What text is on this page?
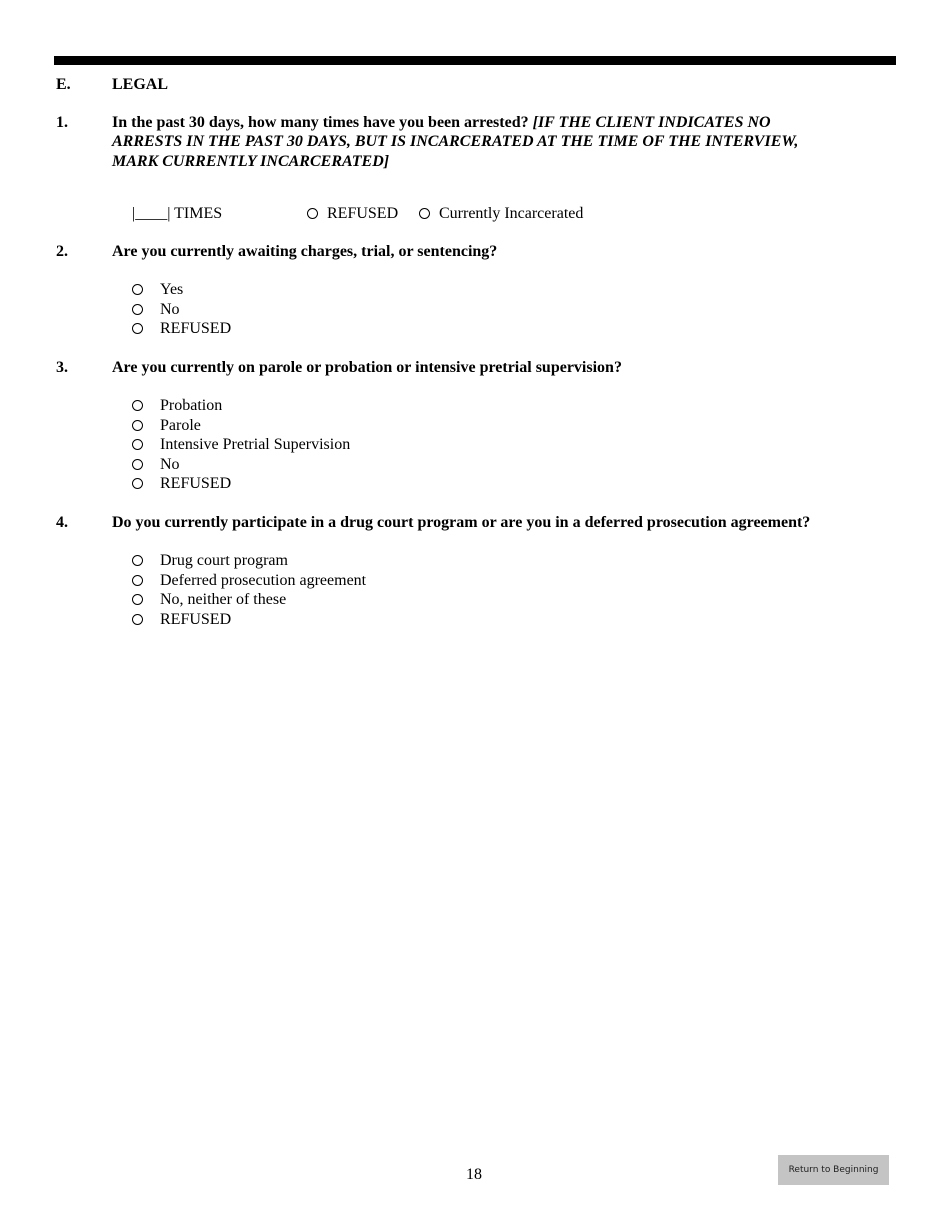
E.	LEGAL
1.	In the past 30 days, how many times have you been arrested? [IF THE CLIENT INDICATES NO
ARRESTS IN THE PAST 30 DAYS, BUT IS INCARCERATED AT THE TIME OF THE INTERVIEW,
MARK CURRENTLY INCARCERATED]
|____| TIMES	REFUSED	Currently Incarcerated
2.	Are you currently awaiting charges, trial, or sentencing?
Yes
No
REFUSED
3.	Are you currently on parole or probation or intensive pretrial supervision?
Probation
Parole
Intensive Pretrial Supervision
No
REFUSED
4.	Do you currently participate in a drug court program or are you in a deferred prosecution agreement?
Drug court program
Deferred prosecution agreement
No, neither of these
REFUSED
18	Return to Beginning
